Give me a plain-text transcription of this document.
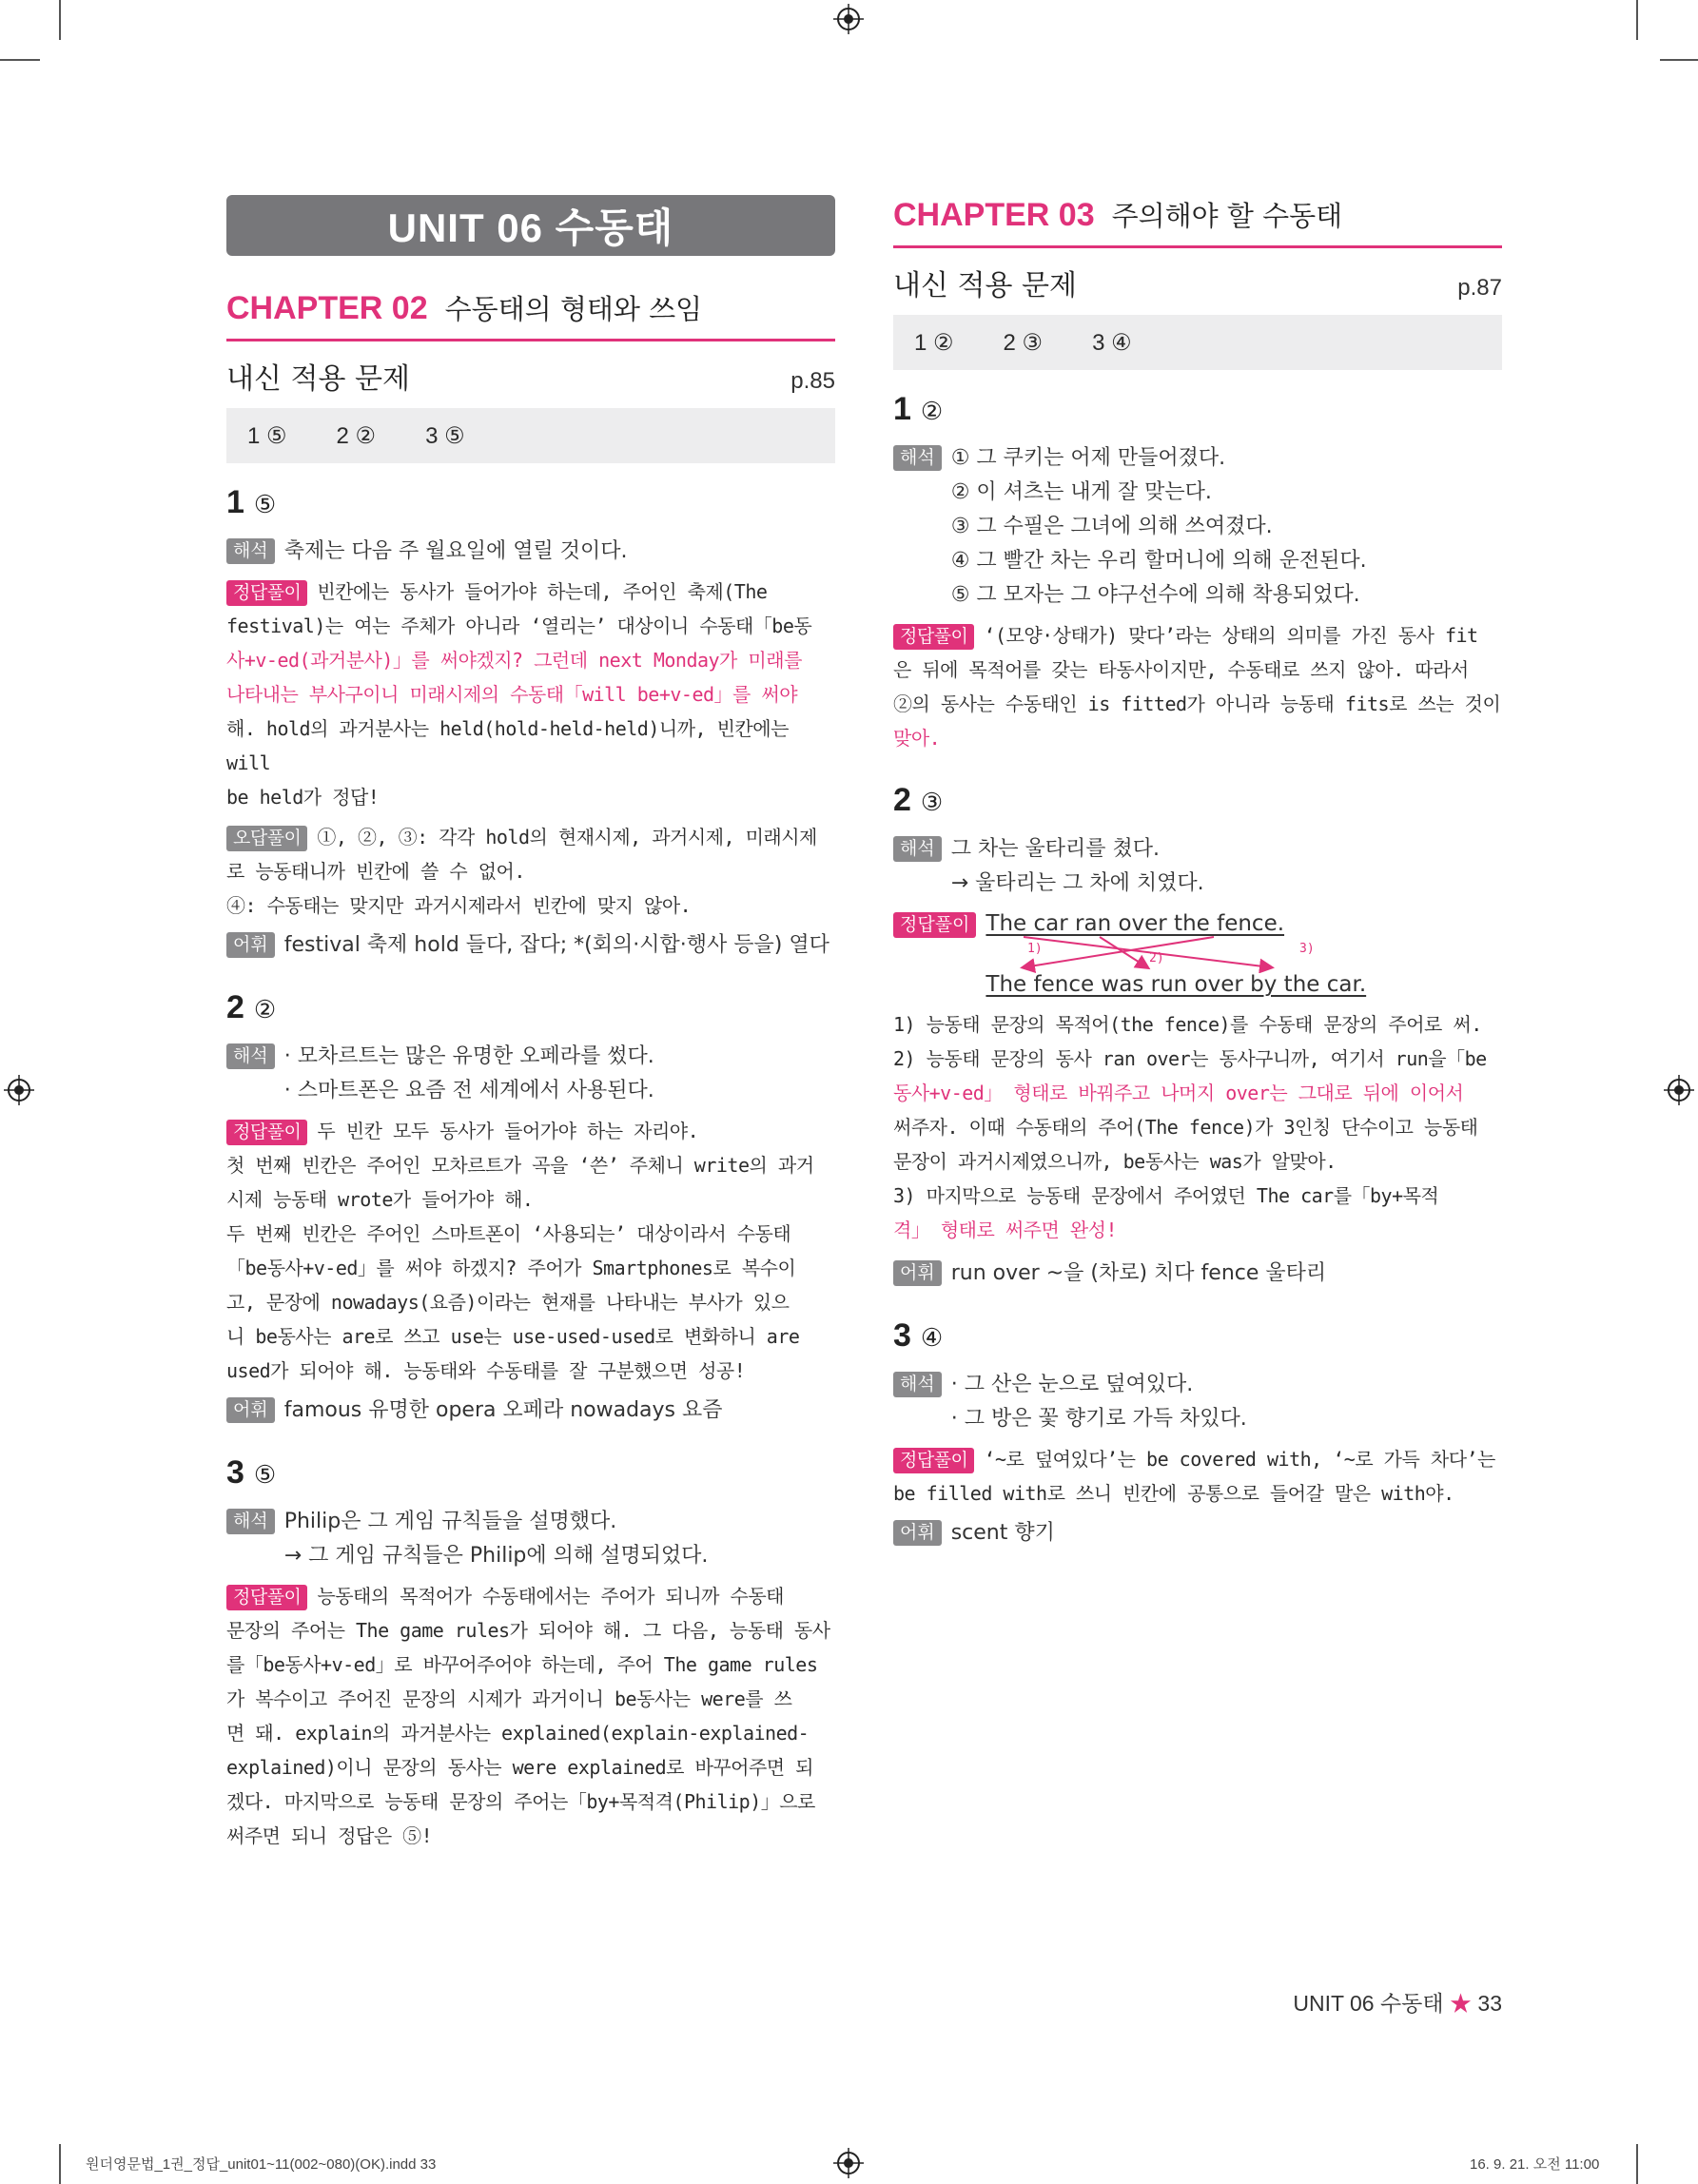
UNIT 06 수동태
CHAPTER 02 수동태의 형태와 쓰임
내신 적용 문제	p.85
1 ⑤ 2 ② 3 ⑤
1 ⑤
해석 축제는 다음 주 월요일에 열릴 것이다.
정답풀이 빈칸에는 동사가 들어가야 하는데, 주어인 축제(The
festival)는 여는 주체가 아니라 ‘열리는’ 대상이니 수동태「be동
사+v-ed(과거분사)」를 써야겠지? 그런데 next Monday가 미래를
나타내는 부사구이니 미래시제의 수동태「will be+v-ed」를 써야
해. hold의 과거분사는 held(hold-held-held)니까, 빈칸에는 will
be held가 정답!
오답풀이 ①, ②, ③: 각각 hold의 현재시제, 과거시제, 미래시제
로 능동태니까 빈칸에 쓸 수 없어.
④: 수동태는 맞지만 과거시제라서 빈칸에 맞지 않아.
어휘 festival 축제 hold 들다, 잡다; *(회의·시합·행사 등을) 열다
2 ②
해석 · 모차르트는 많은 유명한 오페라를 썼다.
· 스마트폰은 요즘 전 세계에서 사용된다.
정답풀이 두 빈칸 모두 동사가 들어가야 하는 자리야.
첫 번째 빈칸은 주어인 모차르트가 곡을 ‘쓴’ 주체니 write의 과거
시제 능동태 wrote가 들어가야 해.
두 번째 빈칸은 주어인 스마트폰이 ‘사용되는’ 대상이라서 수동태
「be동사+v-ed」를 써야 하겠지? 주어가 Smartphones로 복수이
고, 문장에 nowadays(요즘)이라는 현재를 나타내는 부사가 있으
니 be동사는 are로 쓰고 use는 use-used-used로 변화하니 are
used가 되어야 해. 능동태와 수동태를 잘 구분했으면 성공!
어휘 famous 유명한 opera 오페라 nowadays 요즘
3 ⑤
해석 Philip은 그 게임 규칙들을 설명했다.
→ 그 게임 규칙들은 Philip에 의해 설명되었다.
정답풀이 능동태의 목적어가 수동태에서는 주어가 되니까 수동태
문장의 주어는 The game rules가 되어야 해. 그 다음, 능동태 동사
를「be동사+v-ed」로 바꾸어주어야 하는데, 주어 The game rules
가 복수이고 주어진 문장의 시제가 과거이니 be동사는 were를 쓰
면 돼. explain의 과거분사는 explained(explain-explained-
explained)이니 문장의 동사는 were explained로 바꾸어주면 되
겠다. 마지막으로 능동태 문장의 주어는「by+목적격(Philip)」으로
써주면 되니 정답은 ⑤!
CHAPTER 03 주의해야 할 수동태
내신 적용 문제	p.87
1 ② 2 ③ 3 ④
1 ②
해석 ① 그 쿠키는 어제 만들어졌다.
② 이 셔츠는 내게 잘 맞는다.
③ 그 수필은 그녀에 의해 쓰여졌다.
④ 그 빨간 차는 우리 할머니에 의해 운전된다.
⑤ 그 모자는 그 야구선수에 의해 착용되었다.
정답풀이 ‘(모양·상태가) 맞다’라는 상태의 의미를 가진 동사 fit
은 뒤에 목적어를 갖는 타동사이지만, 수동태로 쓰지 않아. 따라서
②의 동사는 수동태인 is fitted가 아니라 능동태 fits로 쓰는 것이
맞아.
2 ③
해석 그 차는 울타리를 쳤다.
→ 울타리는 그 차에 치였다.
정답풀이 The car ran over the fence.
1)
2)
3)
The fence was run over by the car.
1) 능동태 문장의 목적어(the fence)를 수동태 문장의 주어로 써.
2) 능동태 문장의 동사 ran over는 동사구니까, 여기서 run을「be
동사+v-ed」 형태로 바꿔주고 나머지 over는 그대로 뒤에 이어서
써주자. 이때 수동태의 주어(The fence)가 3인칭 단수이고 능동태
문장이 과거시제였으니까, be동사는 was가 알맞아.
3) 마지막으로 능동태 문장에서 주어였던 The car를「by+목적
격」 형태로 써주면 완성!
어휘 run over ~을 (차로) 치다 fence 울타리
3 ④
해석 · 그 산은 눈으로 덮여있다.
· 그 방은 꽃 향기로 가득 차있다.
정답풀이 ‘~로 덮여있다’는 be covered with, ‘~로 가득 차다’는
be filled with로 쓰니 빈칸에 공통으로 들어갈 말은 with야.
어휘 scent 향기
UNIT 06 수동태 ★ 33
원더영문법_1권_정답_unit01~11(002~080)(OK).indd 33	16. 9. 21. 오전 11:00
